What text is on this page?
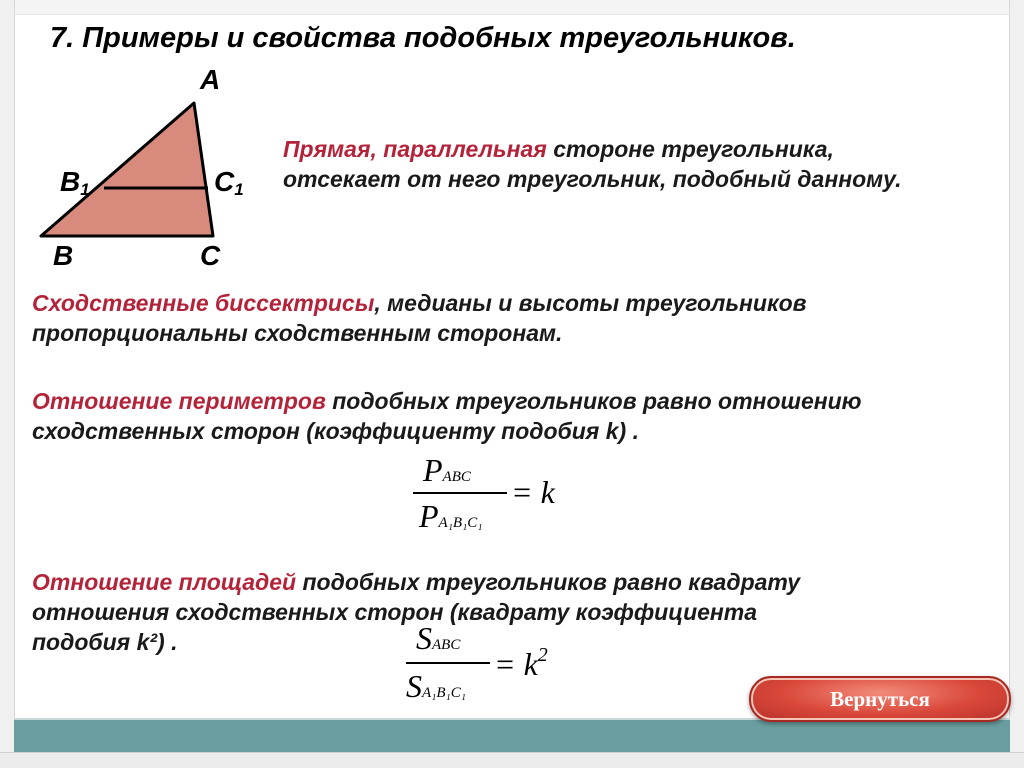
7. Примеры и свойства подобных треугольников.
A
$B_1$	$C_1$
B	C
Прямая, параллельная стороне треугольника,
отсекает от него треугольник, подобный данному.
Сходственные биссектрисы, медианы и высоты треугольников
пропорциональны сходственным сторонам.
Отношение периметров подобных треугольников равно отношению
сходственных сторон (коэффициенту подобия k) .
PABC
PA₁B₁C₁
= k
Отношение площадей подобных треугольников равно квадрату
отношения сходственных сторон (квадрату коэффициента
подобия k²) .	SABC
SA₁B₁C₁
= $k^2$
Вернуться
